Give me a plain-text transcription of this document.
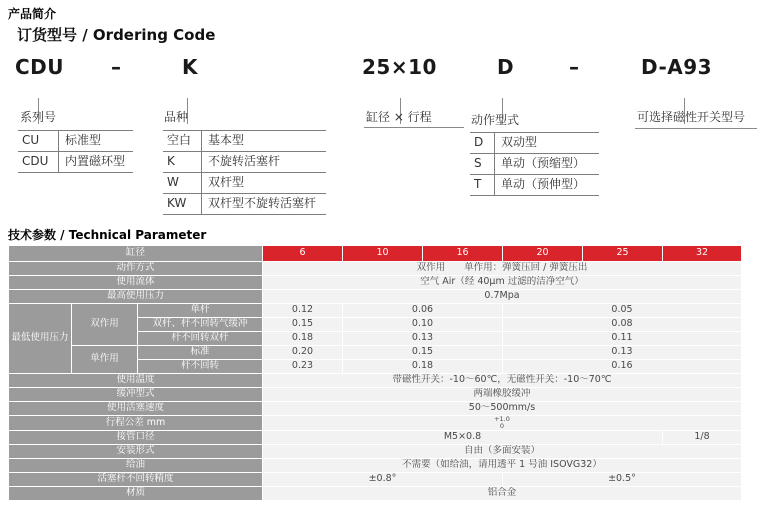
产品简介
订货型号 / Ordering Code
CDU –	K	25×10	D	–	D-A93
系列号	品种	缸径 × 行程	动作型式	可选择磁性开关型号
CU	标准型
CDU	内置磁环型
空白	基本型
K	不旋转活塞杆
W	双杆型
KW	双杆型不旋转活塞杆
D	双动型
S	单动（预缩型）
T	单动（预伸型）
技术参数 / Technical Parameter
缸径			6	10	16	20	25	32
动作方式			双作用　　单作用：弹簧压回 / 弹簧压出					
使用流体			空气 Air（经 40μm 过滤的洁净空气）					
最高使用压力			0.7Mpa					
最低使用压力	双作用	单杆	0.12	0.06		0.05		
		双杆、杆不回转气缓冲	0.15	0.10		0.08		
		杆不回转双杆	0.18	0.13		0.11		
	单作用	标准	0.20	0.15		0.13		
		杆不回转	0.23	0.18		0.16		
使用温度			带磁性开关：-10～60℃，无磁性开关：-10～70℃					
缓冲型式			两端橡胶缓冲					
使用活塞速度			50～500mm/s					
行程公差 mm			+1.0
0					

接管口径			M5×0.8					1/8
安装形式			自由（多面安装）					
给油			不需要（如给油，请用透平 1 号油 ISOVG32）					
活塞杆不回转精度			±0.8°			±0.5°		
材质			铝合金					
